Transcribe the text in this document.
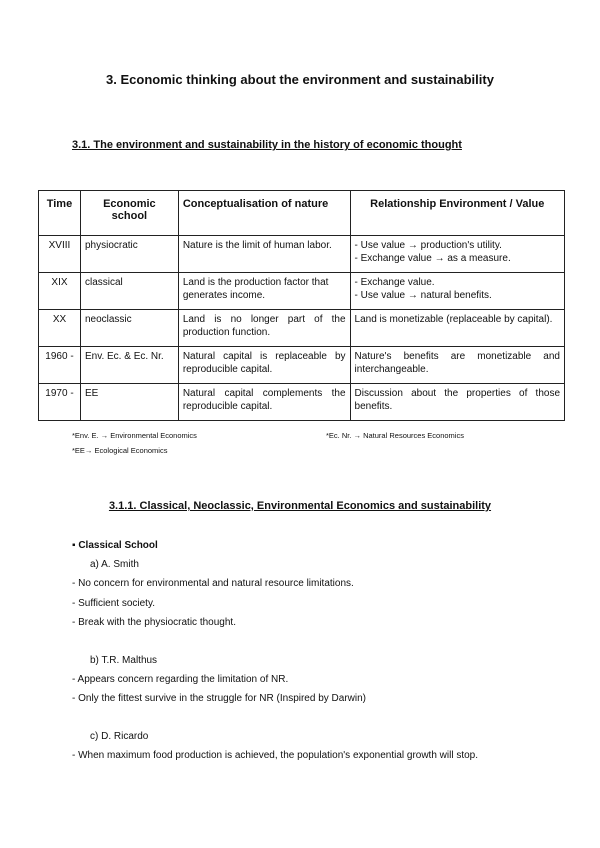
3. Economic thinking about the environment and sustainability
3.1. The environment and sustainability in the history of economic thought
Time	Economic school	Conceptualisation of nature	Relationship Environment / Value
XVIII	physiocratic	Nature is the limit of human labor.	- Use value → production's utility.
- Exchange value → as a measure.

XIX	classical	Land is the production factor that generates income.	- Exchange value.
- Use value → natural benefits.

XX	neoclassic	Land is no longer part of the production function.	Land is monetizable (replaceable by capital).
1960 -	Env. Ec. & Ec. Nr.	Natural capital is replaceable by reproducible capital.	Nature's benefits are monetizable and interchangeable.
1970 -	EE	Natural capital complements the reproducible capital.	Discussion about the properties of those benefits.
*Env. E. → Environmental Economics	*Ec. Nr. → Natural Resources Economics
*EE→ Ecological Economics
3.1.1. Classical, Neoclassic, Environmental Economics and sustainability
▪ Classical School
a) A. Smith
- No concern for environmental and natural resource limitations.
- Sufficient society.
- Break with the physiocratic thought.
b) T.R. Malthus
- Appears concern regarding the limitation of NR.
- Only the fittest survive in the struggle for NR (Inspired by Darwin)
c) D. Ricardo
- When maximum food production is achieved, the population's exponential growth will stop.
